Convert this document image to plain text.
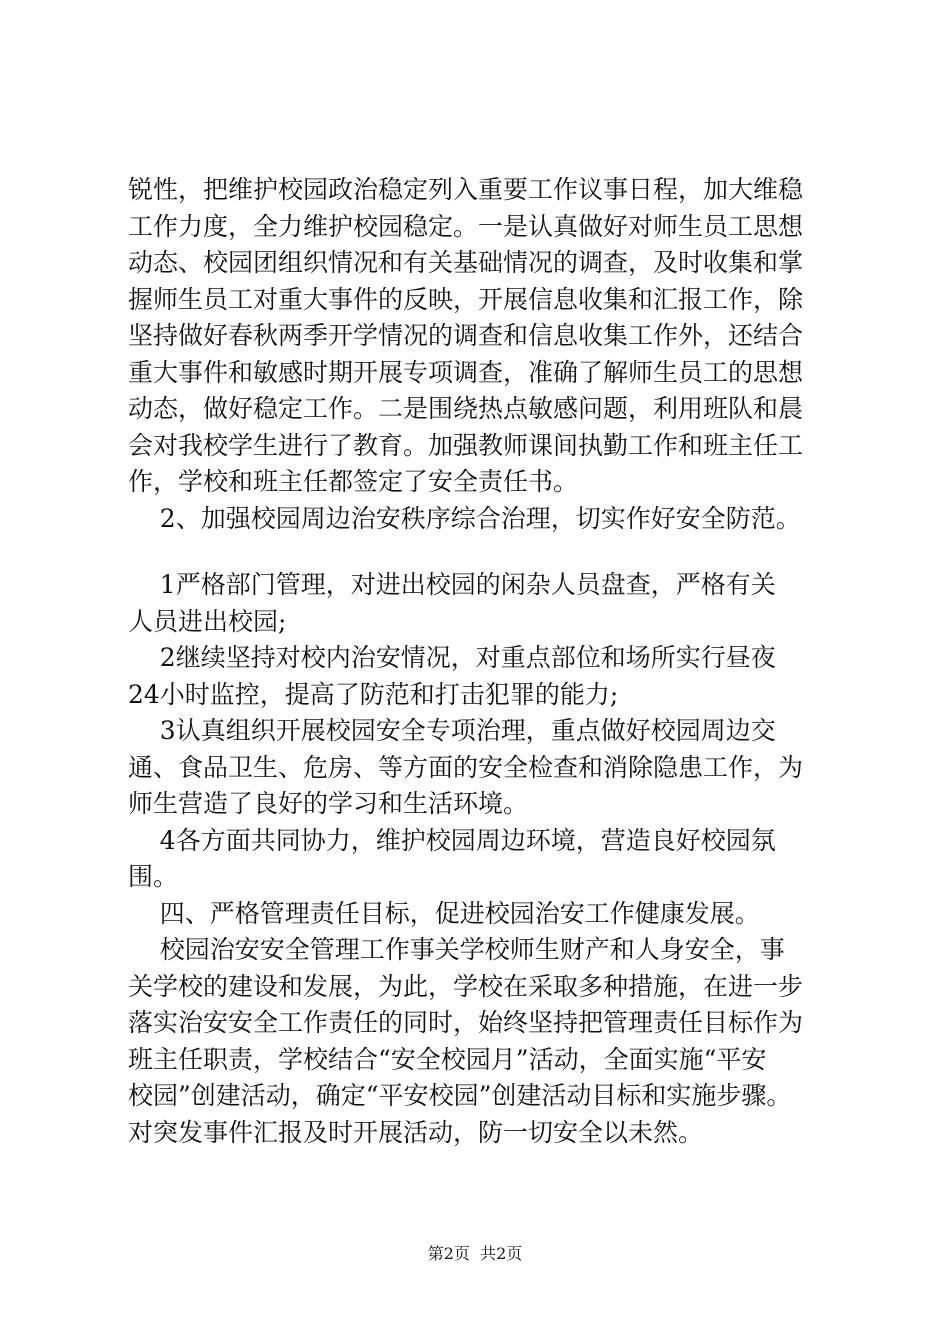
锐性，把维护校园政治稳定列入重要工作议事日程，加大维稳
工作力度，全力维护校园稳定。一是认真做好对师生员工思想
动态、校园团组织情况和有关基础情况的调查，及时收集和掌
握师生员工对重大事件的反映，开展信息收集和汇报工作，除
坚持做好春秋两季开学情况的调查和信息收集工作外，还结合
重大事件和敏感时期开展专项调查，准确了解师生员工的思想
动态，做好稳定工作。二是围绕热点敏感问题，利用班队和晨
会对我校学生进行了教育。加强教师课间执勤工作和班主任工
作，学校和班主任都签定了安全责任书。

2、加强校园周边治安秩序综合治理，切实作好安全防范。

1严格部门管理，对进出校园的闲杂人员盘查，严格有关
人员进出校园;

2继续坚持对校内治安情况，对重点部位和场所实行昼夜
24小时监控，提高了防范和打击犯罪的能力;

3认真组织开展校园安全专项治理，重点做好校园周边交
通、食品卫生、危房、等方面的安全检查和消除隐患工作，为
师生营造了良好的学习和生活环境。

4各方面共同协力，维护校园周边环境，营造良好校园氛
围。

四、严格管理责任目标，促进校园治安工作健康发展。

校园治安安全管理工作事关学校师生财产和人身安全，事
关学校的建设和发展，为此，学校在采取多种措施，在进一步
落实治安安全工作责任的同时，始终坚持把管理责任目标作为
班主任职责，学校结合“安全校园月”活动，全面实施“平安
校园”创建活动，确定“平安校园”创建活动目标和实施步骤。
对突发事件汇报及时开展活动，防一切安全以未然。

第2页  共2页
